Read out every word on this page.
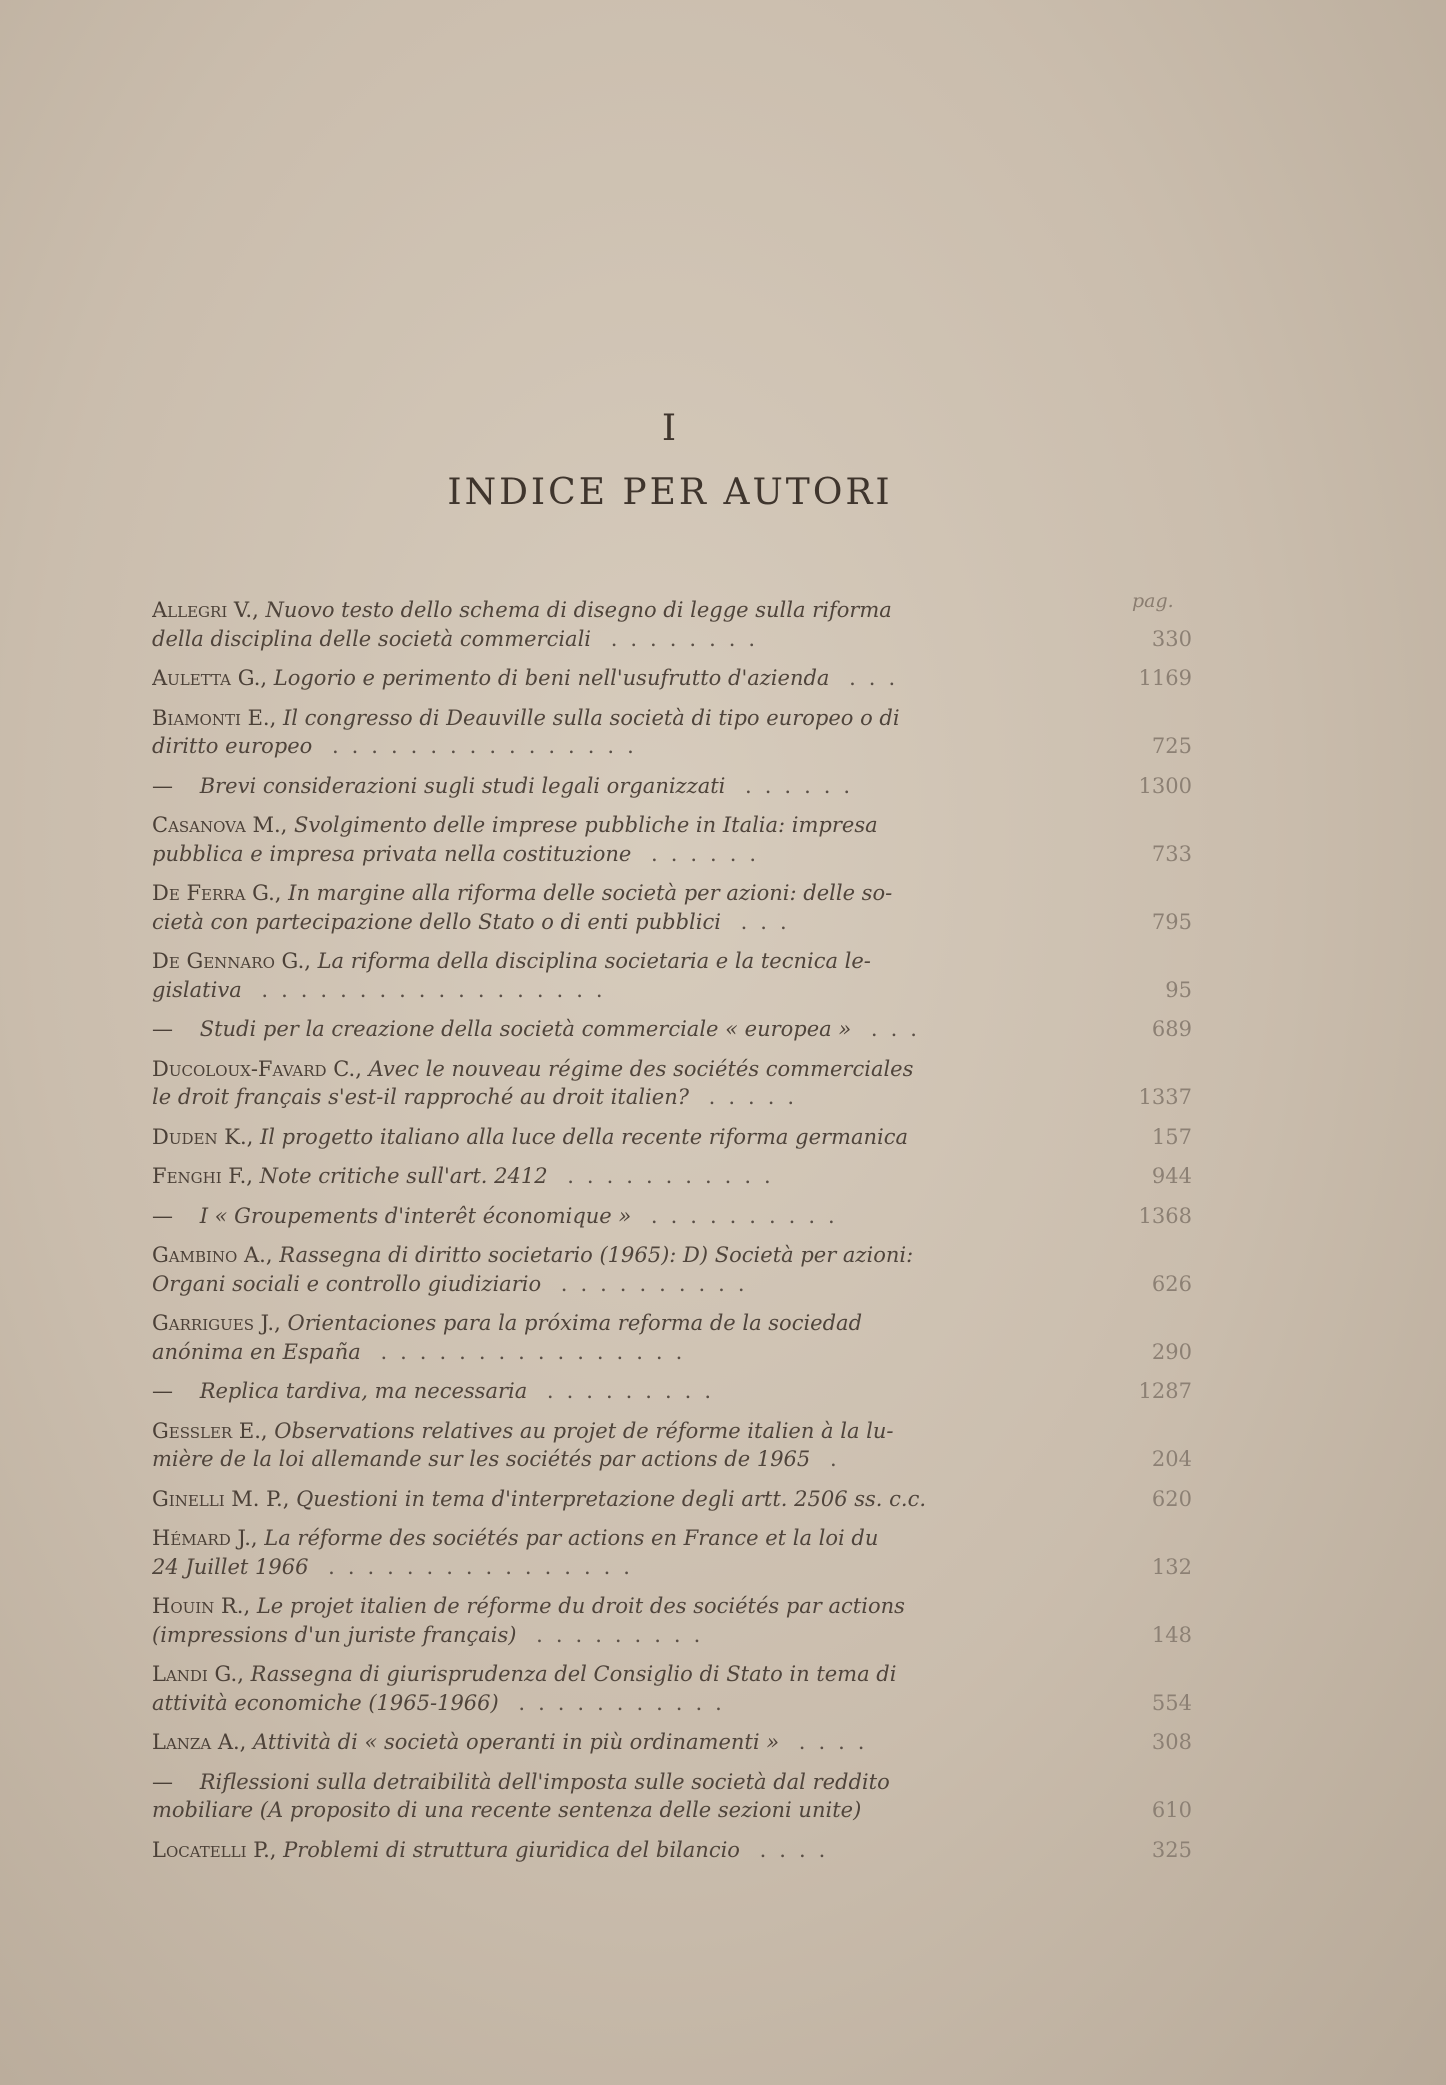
I
INDICE PER AUTORI
pag.
Allegri V., Nuovo testo dello schema di disegno di legge sulla riforma
della disciplina delle società commerciali ........	330
Auletta G., Logorio e perimento di beni nell'usufrutto d'azienda ...	1169
Biamonti E., Il congresso di Deauville sulla società di tipo europeo o di
diritto europeo ................	725
— Brevi considerazioni sugli studi legali organizzati ......	1300
Casanova M., Svolgimento delle imprese pubbliche in Italia: impresa
pubblica e impresa privata nella costituzione ......	733
De Ferra G., In margine alla riforma delle società per azioni: delle so-
cietà con partecipazione dello Stato o di enti pubblici ...	795
De Gennaro G., La riforma della disciplina societaria e la tecnica le-
gislativa ..................	95
— Studi per la creazione della società commerciale « europea » ...	689
Ducoloux-Favard C., Avec le nouveau régime des sociétés commerciales
le droit français s'est-il rapproché au droit italien? .....	1337
Duden K., Il progetto italiano alla luce della recente riforma germanica	157
Fenghi F., Note critiche sull'art. 2412 ...........	944
— I « Groupements d'interêt économique » ..........	1368
Gambino A., Rassegna di diritto societario (1965): D) Società per azioni:
Organi sociali e controllo giudiziario ..........	626
Garrigues J., Orientaciones para la próxima reforma de la sociedad
anónima en España ................	290
— Replica tardiva, ma necessaria .........	1287
Gessler E., Observations relatives au projet de réforme italien à la lu-
mière de la loi allemande sur les sociétés par actions de 1965 .	204
Ginelli M. P., Questioni in tema d'interpretazione degli artt. 2506 ss. c.c.	620
Hémard J., La réforme des sociétés par actions en France et la loi du
24 Juillet 1966 ................	132
Houin R., Le projet italien de réforme du droit des sociétés par actions
(impressions d'un juriste français) .........	148
Landi G., Rassegna di giurisprudenza del Consiglio di Stato in tema di
attività economiche (1965-1966) ...........	554
Lanza A., Attività di « società operanti in più ordinamenti » ....	308
— Riflessioni sulla detraibilità dell'imposta sulle società dal reddito
mobiliare (A proposito di una recente sentenza delle sezioni unite)	610
Locatelli P., Problemi di struttura giuridica del bilancio ....	325
